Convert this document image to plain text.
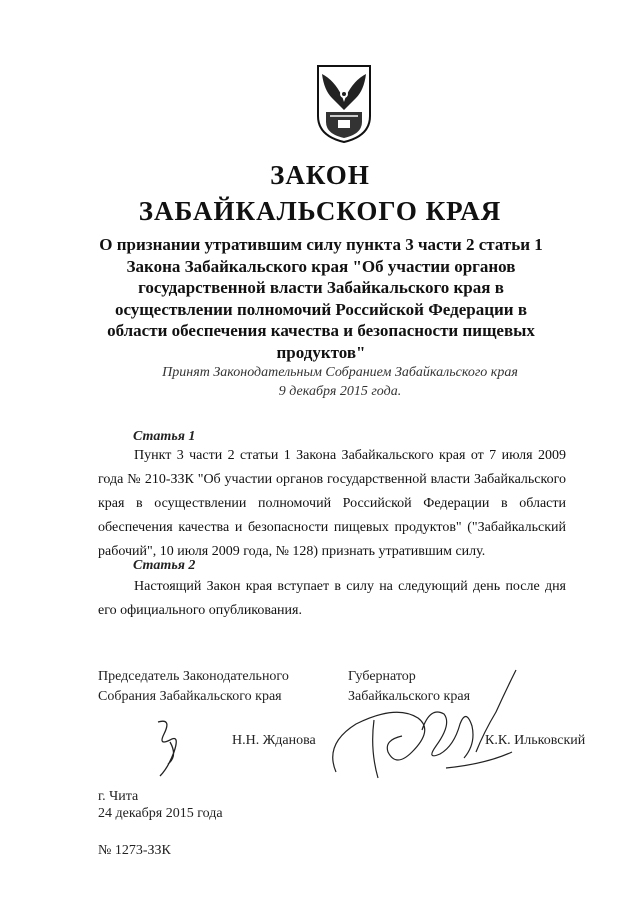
ЗАКОН
ЗАБАЙКАЛЬСКОГО КРАЯ
О признании утратившим силу пункта 3 части 2 статьи 1 Закона Забайкальского края "Об участии органов государственной власти Забайкальского края в осуществлении полномочий Российской Федерации в области обеспечения качества и безопасности пищевых продуктов"
Принят Законодательным Собранием Забайкальского края
9 декабря 2015 года.
Статья 1
Пункт 3 части 2 статьи 1 Закона Забайкальского края от 7 июля 2009 года № 210-ЗЗК "Об участии органов государственной власти Забайкальского края в осуществлении полномочий Российской Федерации в области обеспечения качества и безопасности пищевых продуктов" ("Забайкальский рабочий", 10 июля 2009 года, № 128) признать утратившим силу.
Статья 2
Настоящий Закон края вступает в силу на следующий день после дня его официального опубликования.
Председатель Законодательного
Собрания Забайкальского края
Губернатор
Забайкальского края
Н.Н. Жданова	К.К. Ильковский
г. Чита
24 декабря 2015 года
№ 1273-ЗЗК
